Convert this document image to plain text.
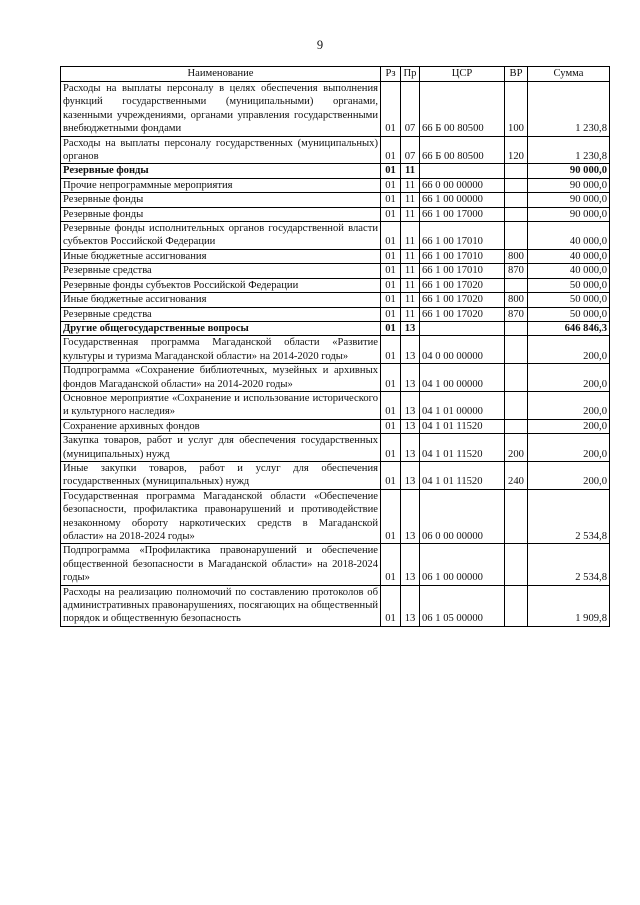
9
Наименование	Рз	Пр	ЦСР	ВР	Сумма
Расходы на выплаты персоналу в целях обеспечения выполнения функций государственными (муниципальными) органами, казенными учреждениями, органами управления государственными внебюджетными фондами	01	07	66 Б 00 80500	100	1 230,8
Расходы на выплаты персоналу государственных (муниципальных) органов	01	07	66 Б 00 80500	120	1 230,8
Резервные фонды	01	11			90 000,0
Прочие непрограммные мероприятия	01	11	66 0 00 00000		90 000,0
Резервные фонды	01	11	66 1 00 00000		90 000,0
Резервные фонды	01	11	66 1 00 17000		90 000,0
Резервные фонды исполнительных органов государственной власти субъектов Российской Федерации	01	11	66 1 00 17010		40 000,0
Иные бюджетные ассигнования	01	11	66 1 00 17010	800	40 000,0
Резервные средства	01	11	66 1 00 17010	870	40 000,0
Резервные фонды субъектов Российской Федерации	01	11	66 1 00 17020		50 000,0
Иные бюджетные ассигнования	01	11	66 1 00 17020	800	50 000,0
Резервные средства	01	11	66 1 00 17020	870	50 000,0
Другие общегосударственные вопросы	01	13			646 846,3
Государственная программа Магаданской области «Развитие культуры и туризма Магаданской области» на 2014-2020 годы»	01	13	04 0 00 00000		200,0
Подпрограмма «Сохранение библиотечных, музейных и архивных фондов Магаданской области» на 2014-2020 годы»	01	13	04 1 00 00000		200,0
Основное мероприятие «Сохранение и использование исторического и культурного наследия»	01	13	04 1 01 00000		200,0
Сохранение архивных фондов	01	13	04 1 01 11520		200,0
Закупка товаров, работ и услуг для обеспечения государственных (муниципальных) нужд	01	13	04 1 01 11520	200	200,0
Иные закупки товаров, работ и услуг для обеспечения государственных (муниципальных) нужд	01	13	04 1 01 11520	240	200,0
Государственная программа Магаданской области «Обеспечение безопасности, профилактика правонарушений и противодействие незаконному обороту наркотических средств в Магаданской области» на 2018-2024 годы»	01	13	06 0 00 00000		2 534,8
Подпрограмма «Профилактика правонарушений и обеспечение общественной безопасности в Магаданской области» на 2018-2024 годы»	01	13	06 1 00 00000		2 534,8
Расходы на реализацию полномочий по составлению протоколов об административных правонарушениях, посягающих на общественный порядок и общественную безопасность	01	13	06 1 05 00000		1 909,8
